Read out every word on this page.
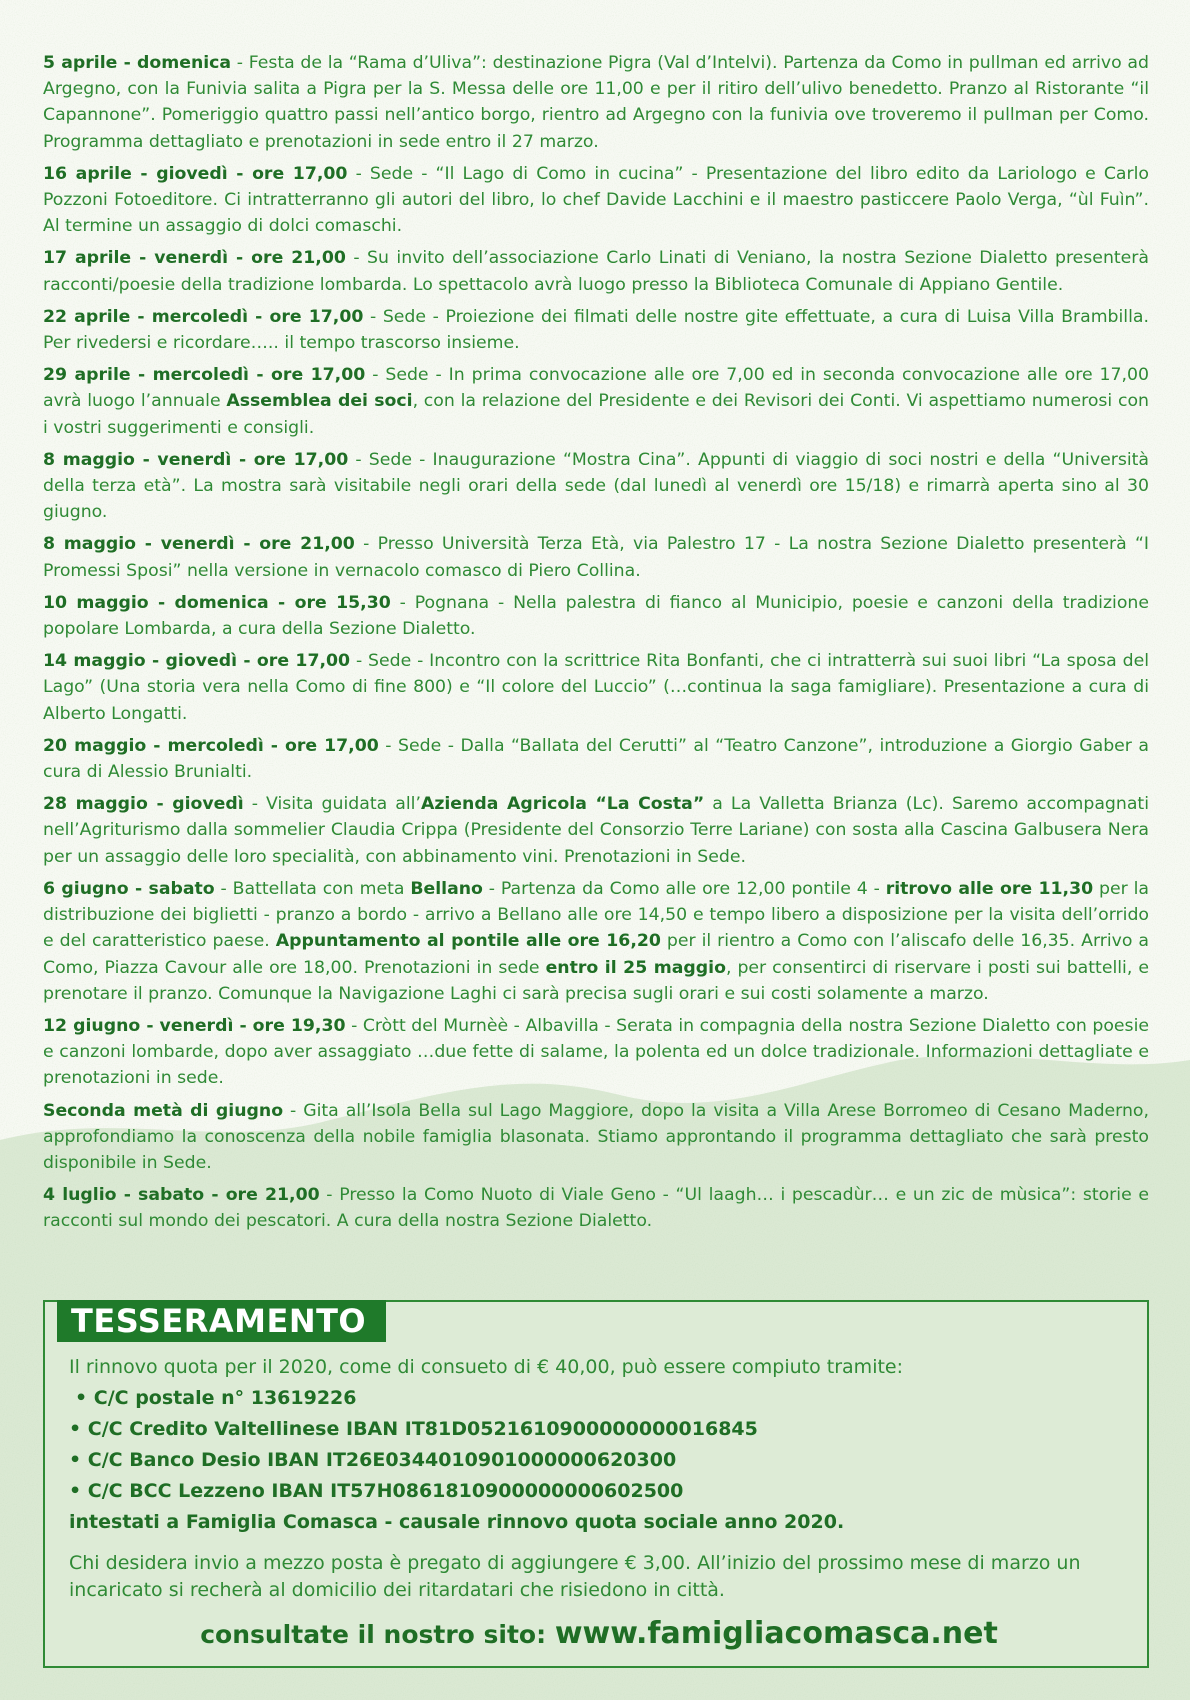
5 aprile - domenica - Festa de la “Rama d’Uliva”: destinazione Pigra (Val d’Intelvi). Partenza da Como in pullman ed arrivo ad Argegno, con la Funivia salita a Pigra per la S. Messa delle ore 11,00 e per il ritiro dell’ulivo benedetto. Pranzo al Ristorante “il Capannone”. Pomeriggio quattro passi nell’antico borgo, rientro ad Argegno con la funivia ove troveremo il pullman per Como. Programma dettagliato e prenotazioni in sede entro il 27 marzo.

16 aprile - giovedì - ore 17,00 - Sede - “Il Lago di Como in cucina” - Presentazione del libro edito da Lariologo e Carlo Pozzoni Fotoeditore. Ci intratterranno gli autori del libro, lo chef Davide Lacchini e il maestro pasticcere Paolo Verga, “ùl Fuìn”. Al termine un assaggio di dolci comaschi.

17 aprile - venerdì - ore 21,00 - Su invito dell’associazione Carlo Linati di Veniano, la nostra Sezione Dialetto presenterà racconti/poesie della tradizione lombarda. Lo spettacolo avrà luogo presso la Biblioteca Comunale di Appiano Gentile.

22 aprile - mercoledì - ore 17,00 - Sede - Proiezione dei filmati delle nostre gite effettuate, a cura di Luisa Villa Brambilla. Per rivedersi e ricordare….. il tempo trascorso insieme.

29 aprile - mercoledì - ore 17,00 - Sede - In prima convocazione alle ore 7,00 ed in seconda convocazione alle ore 17,00 avrà luogo l’annuale Assemblea dei soci, con la relazione del Presidente e dei Revisori dei Conti. Vi aspettiamo numerosi con i vostri suggerimenti e consigli.

8 maggio - venerdì - ore 17,00 - Sede - Inaugurazione “Mostra Cina”. Appunti di viaggio di soci nostri e della “Università della terza età”. La mostra sarà visitabile negli orari della sede (dal lunedì al venerdì ore 15/18) e rimarrà aperta sino al 30 giugno.

8 maggio - venerdì - ore 21,00 - Presso Università Terza Età, via Palestro 17 - La nostra Sezione Dialetto presenterà “I Promessi Sposi” nella versione in vernacolo comasco di Piero Collina.

10 maggio - domenica - ore 15,30 - Pognana - Nella palestra di fianco al Municipio, poesie e canzoni della tradizione popolare Lombarda, a cura della Sezione Dialetto.

14 maggio - giovedì - ore 17,00 - Sede - Incontro con la scrittrice Rita Bonfanti, che ci intratterrà sui suoi libri “La sposa del Lago” (Una storia vera nella Como di fine 800) e “Il colore del Luccio” (…continua la saga famigliare). Presentazione a cura di Alberto Longatti.

20 maggio - mercoledì - ore 17,00 - Sede - Dalla “Ballata del Cerutti” al “Teatro Canzone”, introduzione a Giorgio Gaber a cura di Alessio Brunialti.

28 maggio - giovedì - Visita guidata all’Azienda Agricola “La Costa” a La Valletta Brianza (Lc). Saremo accompagnati nell’Agriturismo dalla sommelier Claudia Crippa (Presidente del Consorzio Terre Lariane) con sosta alla Cascina Galbusera Nera per un assaggio delle loro specialità, con abbinamento vini. Prenotazioni in Sede.

6 giugno - sabato - Battellata con meta Bellano - Partenza da Como alle ore 12,00 pontile 4 - ritrovo alle ore 11,30 per la distribuzione dei biglietti - pranzo a bordo - arrivo a Bellano alle ore 14,50 e tempo libero a disposizione per la visita dell’orrido e del caratteristico paese. Appuntamento al pontile alle ore 16,20 per il rientro a Como con l’aliscafo delle 16,35. Arrivo a Como, Piazza Cavour alle ore 18,00. Prenotazioni in sede entro il 25 maggio, per consentirci di riservare i posti sui battelli, e prenotare il pranzo. Comunque la Navigazione Laghi ci sarà precisa sugli orari e sui costi solamente a marzo.

12 giugno - venerdì - ore 19,30 - Cròtt del Murnèè - Albavilla - Serata in compagnia della nostra Sezione Dialetto con poesie e canzoni lombarde, dopo aver assaggiato …due fette di salame, la polenta ed un dolce tradizionale. Informazioni dettagliate e prenotazioni in sede.

Seconda metà di giugno - Gita all’Isola Bella sul Lago Maggiore, dopo la visita a Villa Arese Borromeo di Cesano Maderno, approfondiamo la conoscenza della nobile famiglia blasonata. Stiamo approntando il programma dettagliato che sarà presto disponibile in Sede.

4 luglio - sabato - ore 21,00 - Presso la Como Nuoto di Viale Geno - “Ul laagh… i pescadùr… e un zic de mùsica”: storie e racconti sul mondo dei pescatori. A cura della nostra Sezione Dialetto.

TESSERAMENTO
Il rinnovo quota per il 2020, come di consueto di € 40,00, può essere compiuto tramite:
• C/C postale n° 13619226
• C/C Credito Valtellinese IBAN IT81D0521610900000000016845
• C/C Banco Desio IBAN IT26E0344010901000000620300
• C/C BCC Lezzeno IBAN IT57H0861810900000000602500
intestati a Famiglia Comasca - causale rinnovo quota sociale anno 2020.
Chi desidera invio a mezzo posta è pregato di aggiungere € 3,00. All’inizio del prossimo mese di marzo un incaricato si recherà al domicilio dei ritardatari che risiedono in città.
consultate il nostro sito: www.famigliacomasca.net
